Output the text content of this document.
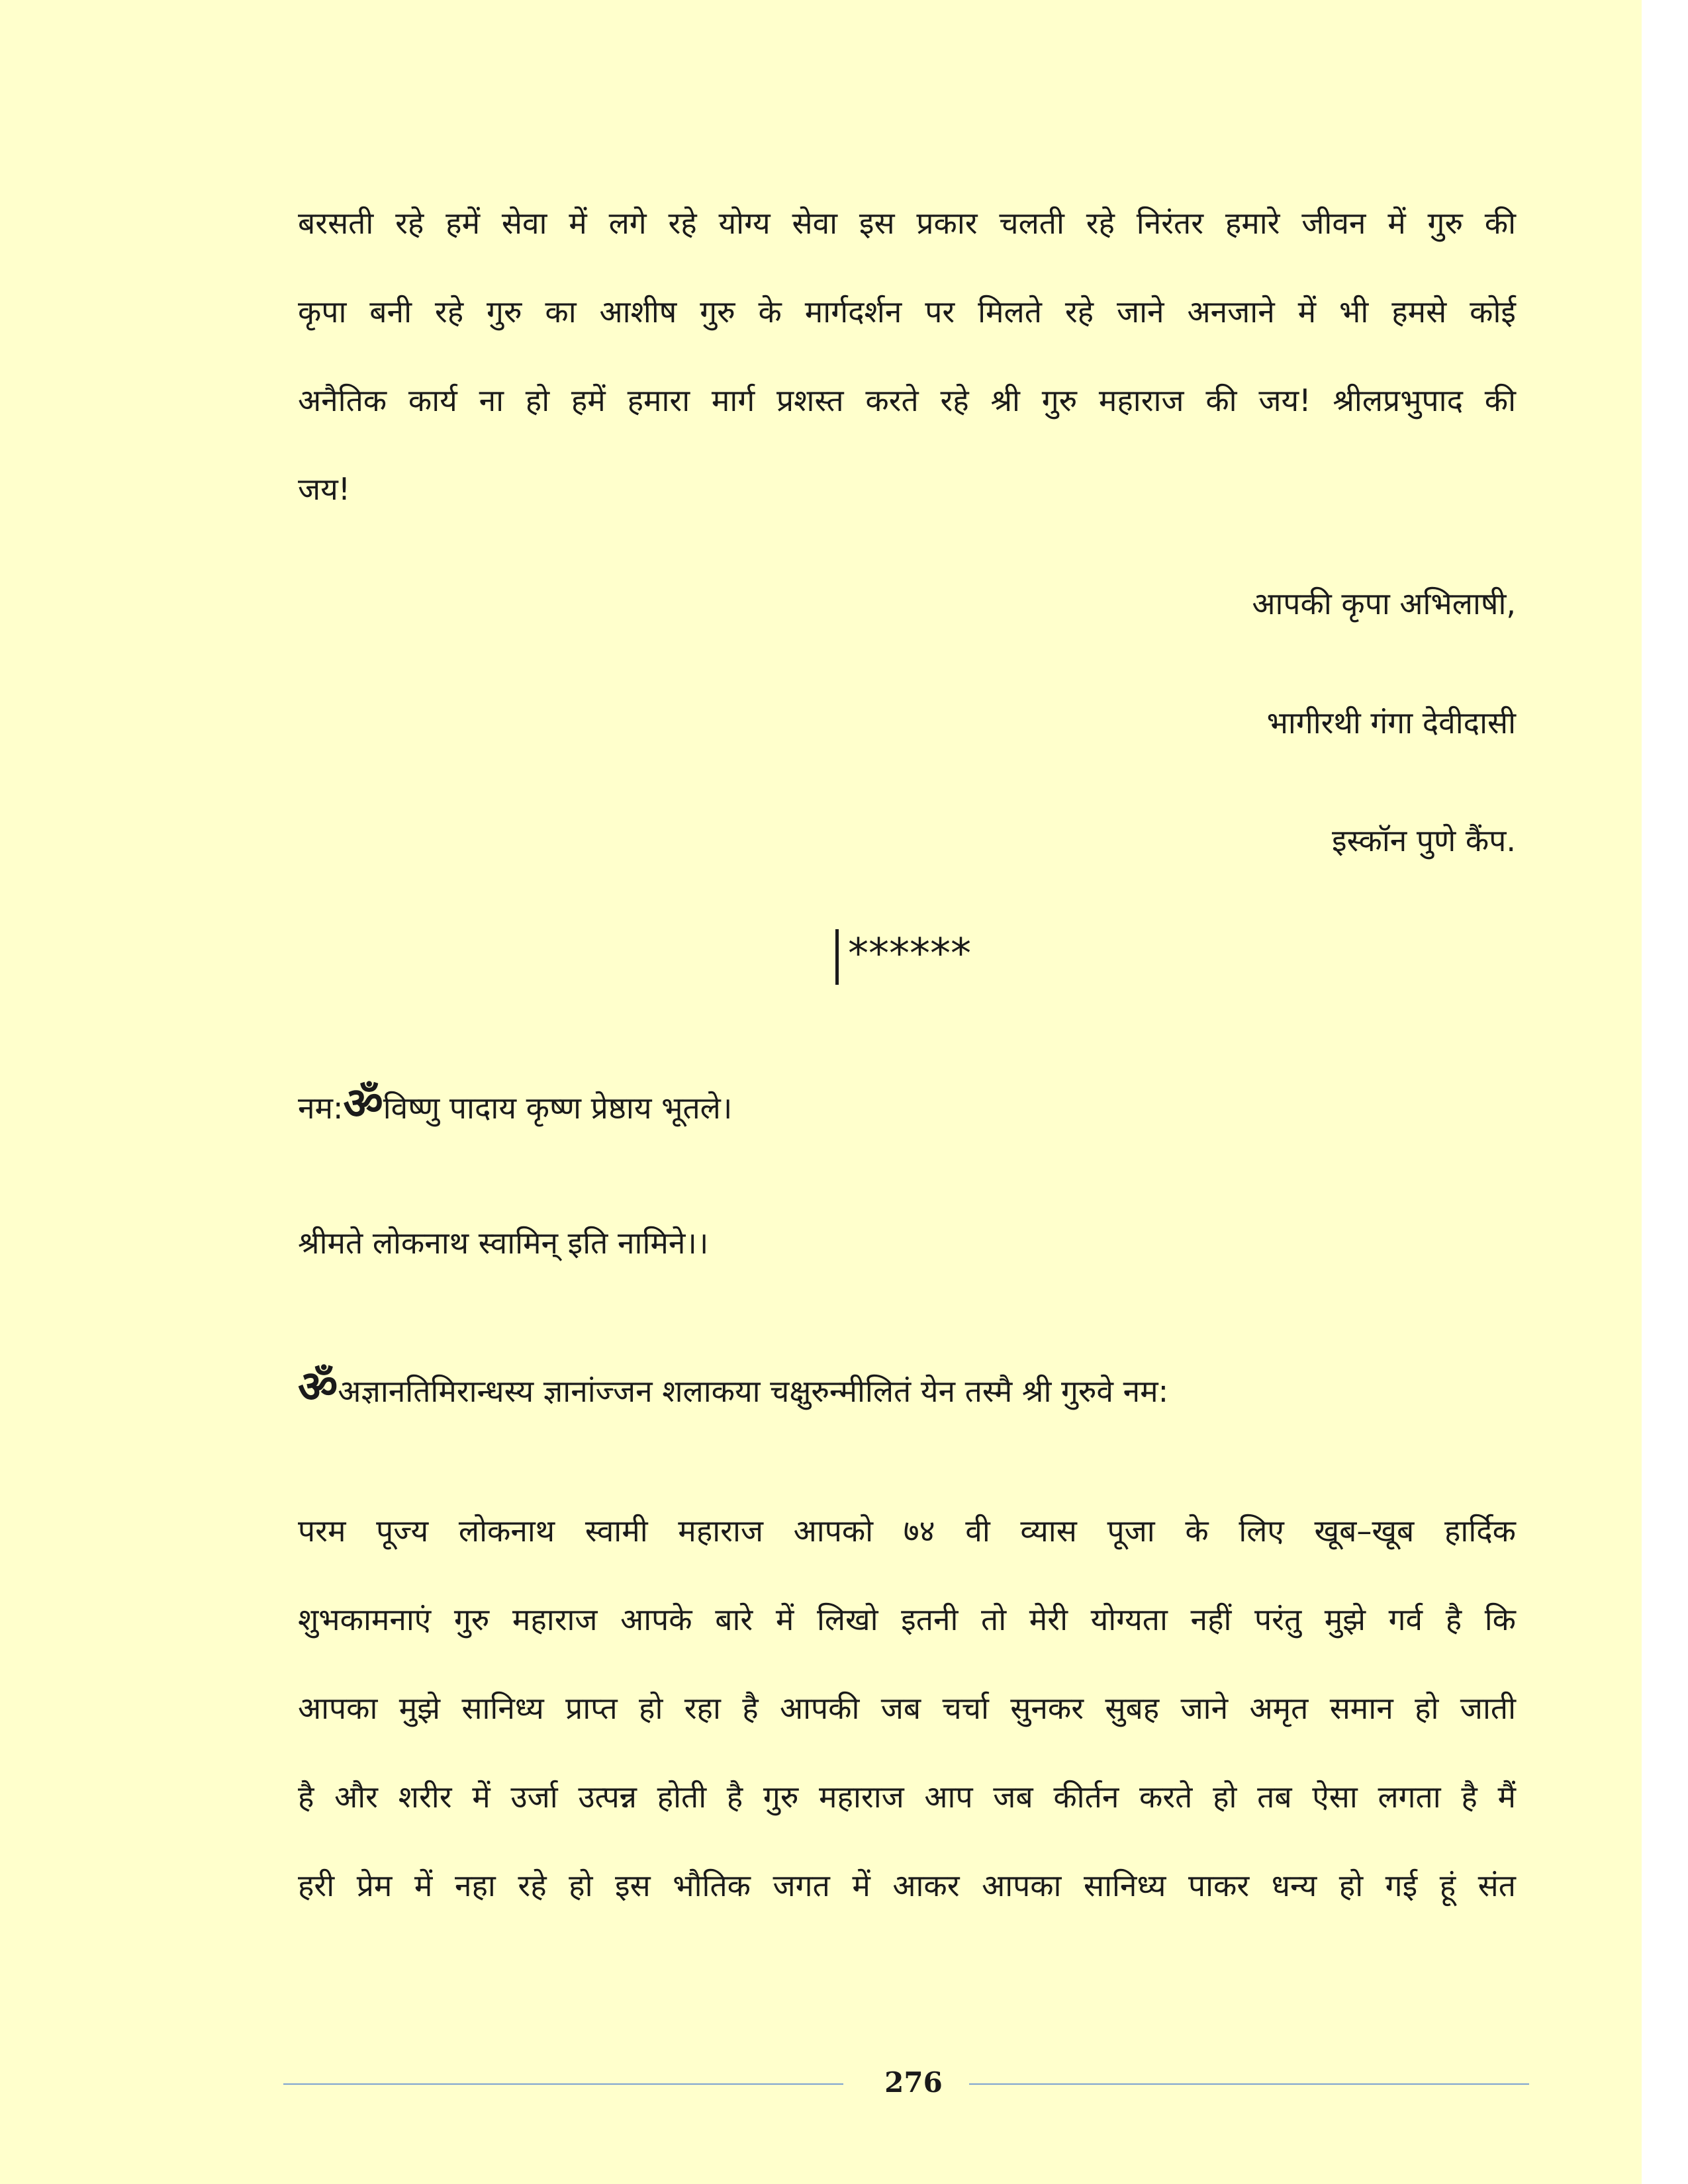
बरसती रहे हमें सेवा में लगे रहे योग्य सेवा इस प्रकार चलती रहे निरंतर हमारे जीवन में गुरु की
कृपा बनी रहे गुरु का आशीष गुरु के मार्गदर्शन पर मिलते रहे जाने अनजाने में भी हमसे कोई
अनैतिक कार्य ना हो हमें हमारा मार्ग प्रशस्त करते रहे श्री गुरु महाराज की जय! श्रीलप्रभुपाद की

जय!

आपकी कृपा अभिलाषी,

भागीरथी गंगा देवीदासी

इस्कॉन पुणे कैंप.

******

नम:ॐविष्णु पादाय कृष्ण प्रेष्ठाय भूतले।

श्रीमते लोकनाथ स्वामिन् इति नामिने।।

ॐअज्ञानतिमिरान्धस्य ज्ञानांज्जन शलाकया चक्षुरुन्मीलितं येन तस्मै श्री गुरुवे नम:

परम पूज्य लोकनाथ स्वामी महाराज आपको ७४ वी व्यास पूजा के लिए खूब–खूब हार्दिक
शुभकामनाएं गुरु महाराज आपके बारे में लिखो इतनी तो मेरी योग्यता नहीं परंतु मुझे गर्व है कि
आपका मुझे सानिध्य प्राप्त हो रहा है आपकी जब चर्चा सुनकर सुबह जाने अमृत समान हो जाती
है और शरीर में उर्जा उत्पन्न होती है गुरु महाराज आप जब कीर्तन करते हो तब ऐसा लगता है मैं
हरी प्रेम में नहा रहे हो इस भौतिक जगत में आकर आपका सानिध्य पाकर धन्य हो गई हूं संत

276
